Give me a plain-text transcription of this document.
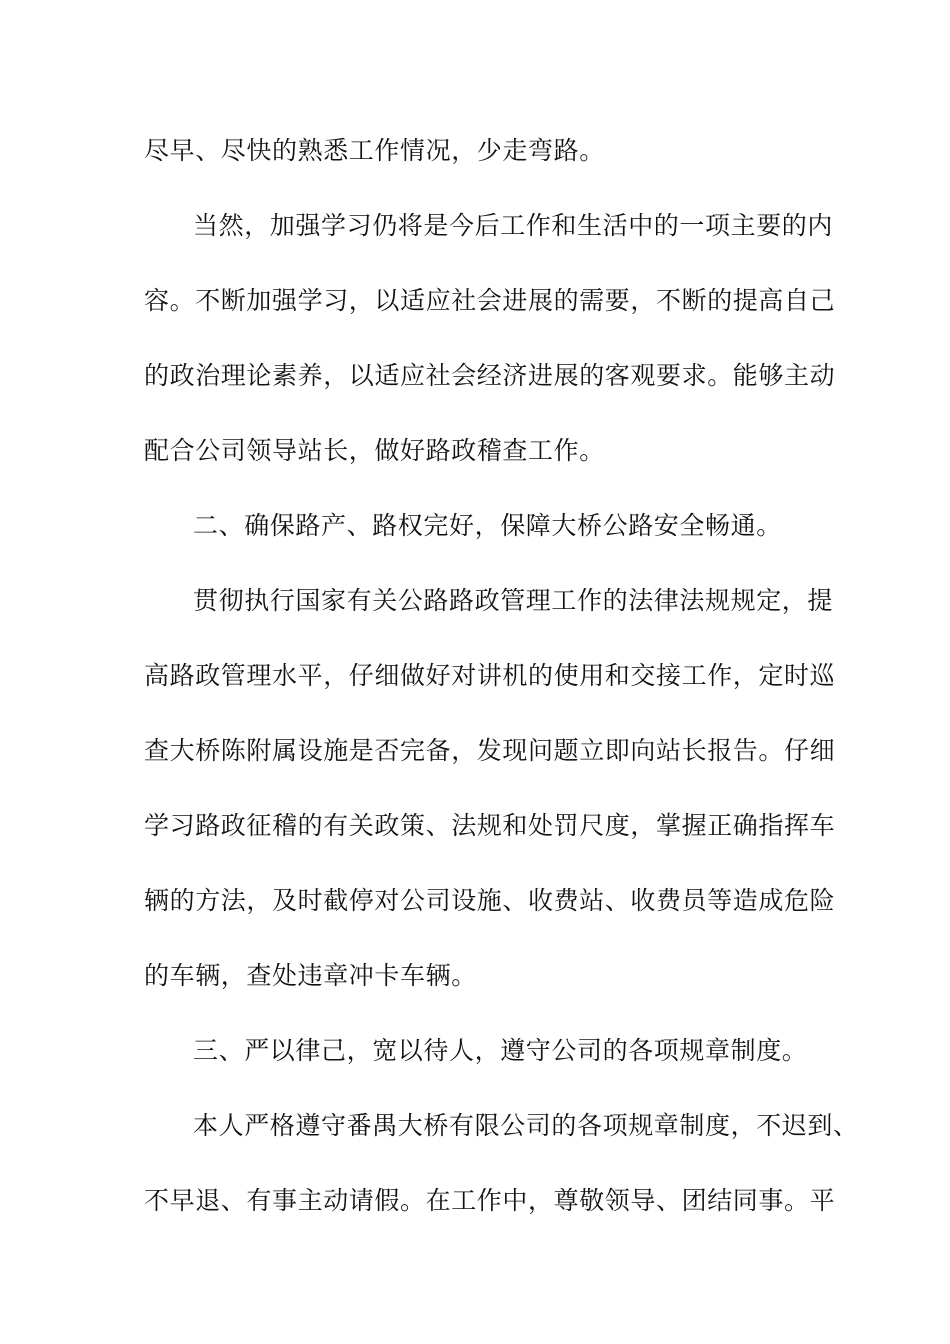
尽早、尽快的熟悉工作情况，少走弯路。
当然，加强学习仍将是今后工作和生活中的一项主要的内
容。不断加强学习，以适应社会进展的需要，不断的提高自己
的政治理论素养，以适应社会经济进展的客观要求。能够主动
配合公司领导站长，做好路政稽查工作。
二、确保路产、路权完好，保障大桥公路安全畅通。
贯彻执行国家有关公路路政管理工作的法律法规规定，提
高路政管理水平，仔细做好对讲机的使用和交接工作，定时巡
查大桥陈附属设施是否完备，发现问题立即向站长报告。仔细
学习路政征稽的有关政策、法规和处罚尺度，掌握正确指挥车
辆的方法，及时截停对公司设施、收费站、收费员等造成危险
的车辆，查处违章冲卡车辆。
三、严以律己，宽以待人，遵守公司的各项规章制度。
本人严格遵守番禺大桥有限公司的各项规章制度，不迟到、
不早退、有事主动请假。在工作中，尊敬领导、团结同事。平
